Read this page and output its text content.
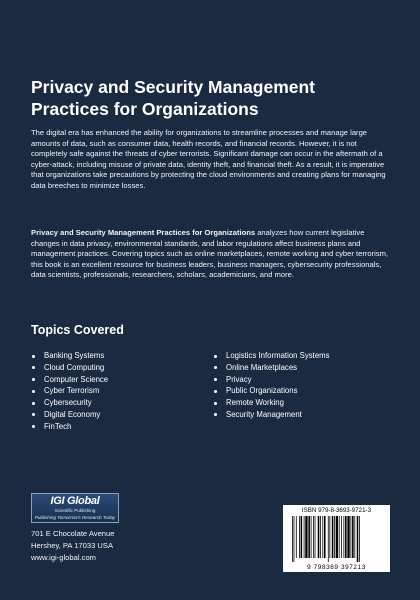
Privacy and Security Management Practices for Organizations

The digital era has enhanced the ability for organizations to streamline processes and manage large amounts of data, such as consumer data, health records, and financial records. However, it is not completely safe against the threats of cyber terrorists. Significant damage can occur in the aftermath of a cyber-attack, including misuse of private data, identity theft, and financial theft. As a result, it is imperative that organizations take precautions by protecting the cloud environments and creating plans for managing data breeches to minimize losses.

Privacy and Security Management Practices for Organizations analyzes how current legislative changes in data privacy, environmental standards, and labor regulations affect business plans and management practices. Covering topics such as online marketplaces, remote working and cyber terrorism, this book is an excellent resource for business leaders, business managers, cybersecurity professionals, data scientists, professionals, researchers, scholars, academicians, and more.

Topics Covered
Banking Systems
Cloud Computing
Computer Science
Cyber Terrorism
Cybersecurity
Digital Economy
FinTech
Logistics Information Systems
Online Marketplaces
Privacy
Public Organizations
Remote Working
Security Management
IGI Global
Scientific Publishing
Publishing Tomorrow's Research Today

701 E Chocolate Avenue
Hershey, PA 17033 USA
www.igi-global.com

ISBN 979-8-3693-9721-3
9 798369 397213
